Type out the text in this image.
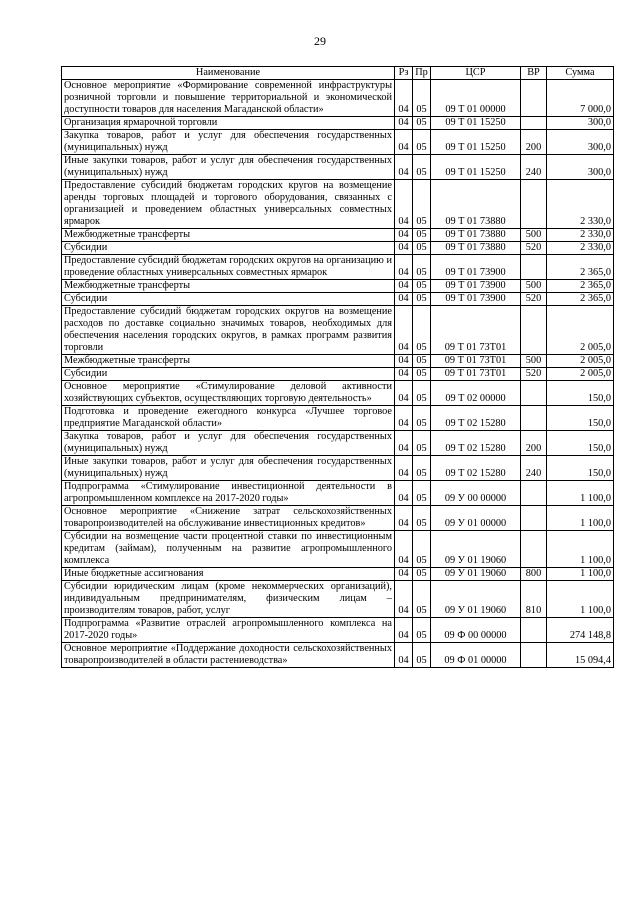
29
Наименование	Рз	Пр	ЦСР	ВР	Сумма
Основное мероприятие «Формирование современной инфраструктуры розничной торговли и повышение территориальной и экономической доступности товаров для населения Магаданской области»	04	05	09 Т 01 00000		7 000,0
Организация ярмарочной торговли	04	05	09 Т 01 15250		300,0
Закупка товаров, работ и услуг для обеспечения государственных (муниципальных) нужд	04	05	09 Т 01 15250	200	300,0
Иные закупки товаров, работ и услуг для обеспечения государственных (муниципальных) нужд	04	05	09 Т 01 15250	240	300,0
Предоставление субсидий бюджетам городских кругов на возмещение аренды торговых площадей и торгового оборудования, связанных с организацией и проведением областных универсальных совместных ярмарок	04	05	09 Т 01 73880		2 330,0
Межбюджетные трансферты	04	05	09 Т 01 73880	500	2 330,0
Субсидии	04	05	09 Т 01 73880	520	2 330,0
Предоставление субсидий бюджетам городских округов на организацию и проведение областных универсальных совместных ярмарок	04	05	09 Т 01 73900		2 365,0
Межбюджетные трансферты	04	05	09 Т 01 73900	500	2 365,0
Субсидии	04	05	09 Т 01 73900	520	2 365,0
Предоставление субсидий бюджетам городских округов на возмещение расходов по доставке социально значимых товаров, необходимых для обеспечения населения городских округов, в рамках программ развития торговли	04	05	09 Т 01 73Т01		2 005,0
Межбюджетные трансферты	04	05	09 Т 01 73Т01	500	2 005,0
Субсидии	04	05	09 Т 01 73Т01	520	2 005,0
Основное мероприятие «Стимулирование деловой активности хозяйствующих субъектов, осуществляющих торговую деятельность»	04	05	09 Т 02 00000		150,0
Подготовка и проведение ежегодного конкурса «Лучшее торговое предприятие Магаданской области»	04	05	09 Т 02 15280		150,0
Закупка товаров, работ и услуг для обеспечения государственных (муниципальных) нужд	04	05	09 Т 02 15280	200	150,0
Иные закупки товаров, работ и услуг для обеспечения государственных (муниципальных) нужд	04	05	09 Т 02 15280	240	150,0
Подпрограмма «Стимулирование инвестиционной деятельности в агропромышленном комплексе на 2017-2020 годы»	04	05	09 У 00 00000		1 100,0
Основное мероприятие «Снижение затрат сельскохозяйственных товаропроизводителей на обслуживание инвестиционных кредитов»	04	05	09 У 01 00000		1 100,0
Субсидии на возмещение части процентной ставки по инвестиционным кредитам (займам), полученным на развитие агропромышленного комплекса	04	05	09 У 01 19060		1 100,0
Иные бюджетные ассигнования	04	05	09 У 01 19060	800	1 100,0
Субсидии юридическим лицам (кроме некоммерческих организаций), индивидуальным предпринимателям, физическим лицам – производителям товаров, работ, услуг	04	05	09 У 01 19060	810	1 100,0
Подпрограмма «Развитие отраслей агропромышленного комплекса на 2017-2020 годы»	04	05	09 Ф 00 00000		274 148,8
Основное мероприятие «Поддержание доходности сельскохозяйственных товаропроизводителей в области растениеводства»	04	05	09 Ф 01 00000		15 094,4
